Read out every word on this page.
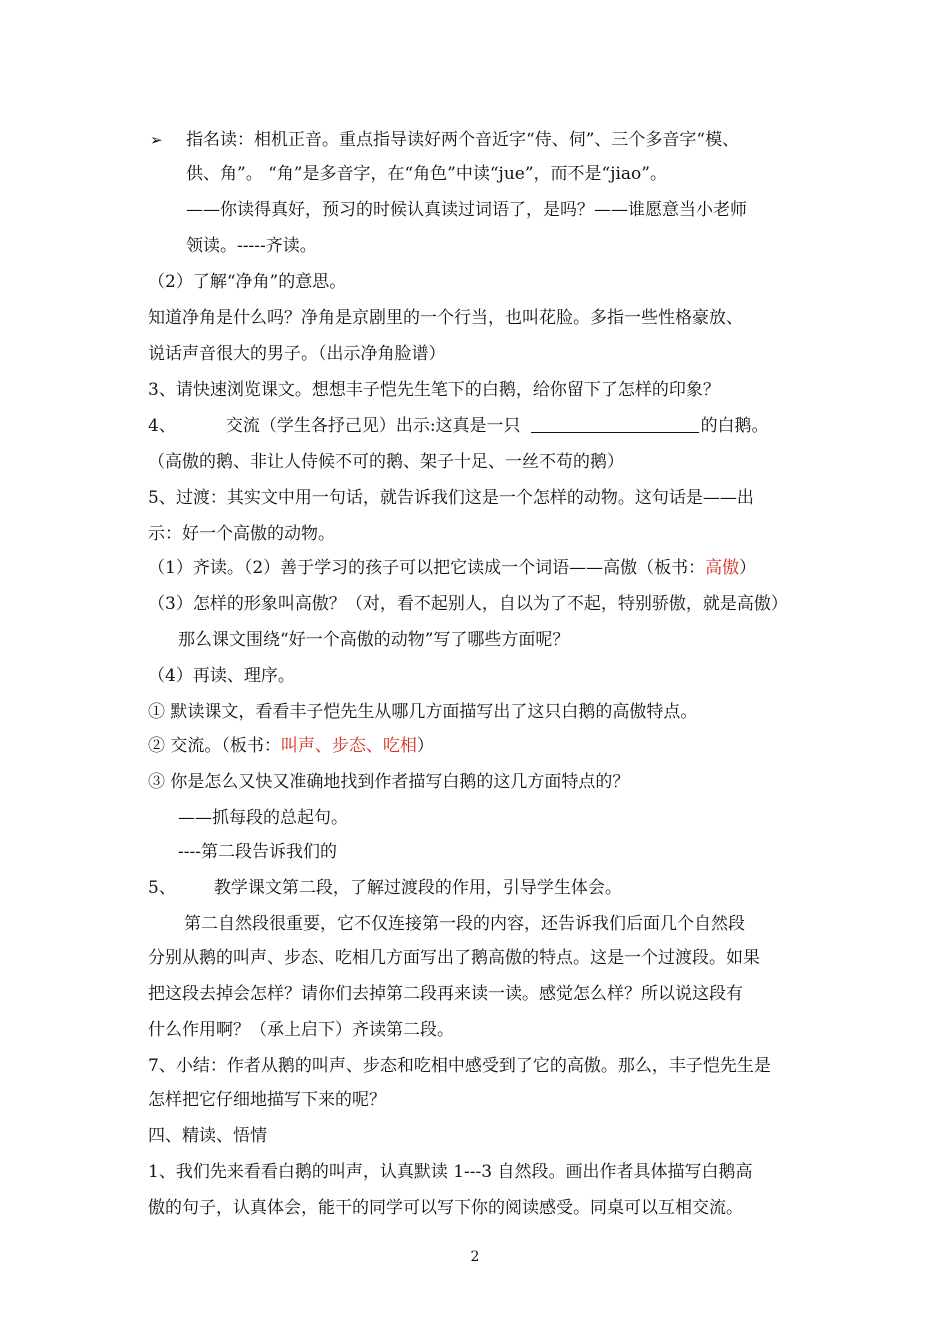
➢ 指名读：相机正音。重点指导读好两个音近字“侍、伺”、三个多音字“模、
供、角”。 “角”是多音字，在“角色”中读“jue”，而不是“jiao”。
——你读得真好，预习的时候认真读过词语了，是吗？——谁愿意当小老师
领读。-----齐读。
（2）了解“净角”的意思。
知道净角是什么吗？净角是京剧里的一个行当，也叫花脸。多指一些性格豪放、
说话声音很大的男子。（出示净角脸谱）
3、请快速浏览课文。想想丰子恺先生笔下的白鹅，给你留下了怎样的印象？
4、	交流（学生各抒己见）出示:这真是一只	的白鹅。
（高傲的鹅、非让人侍候不可的鹅、架子十足、一丝不苟的鹅）
5、过渡：其实文中用一句话，就告诉我们这是一个怎样的动物。这句话是——出
示：好一个高傲的动物。
（1）齐读。（2）善于学习的孩子可以把它读成一个词语——高傲（板书：高傲）
（3）怎样的形象叫高傲？（对，看不起别人，自以为了不起，特别骄傲，就是高傲）
那么课文围绕“好一个高傲的动物”写了哪些方面呢？
（4）再读、理序。
① 默读课文，看看丰子恺先生从哪几方面描写出了这只白鹅的高傲特点。
② 交流。（板书：叫声、步态、吃相）
③ 你是怎么又快又准确地找到作者描写白鹅的这几方面特点的？
——抓每段的总起句。
----第二段告诉我们的
5、 教学课文第二段，了解过渡段的作用，引导学生体会。
第二自然段很重要，它不仅连接第一段的内容，还告诉我们后面几个自然段
分别从鹅的叫声、步态、吃相几方面写出了鹅高傲的特点。这是一个过渡段。如果
把这段去掉会怎样？请你们去掉第二段再来读一读。感觉怎么样？所以说这段有
什么作用啊？（承上启下）齐读第二段。
7、小结：作者从鹅的叫声、步态和吃相中感受到了它的高傲。那么，丰子恺先生是
怎样把它仔细地描写下来的呢？
四、精读、悟情
1、我们先来看看白鹅的叫声，认真默读 1---3 自然段。画出作者具体描写白鹅高
傲的句子，认真体会，能干的同学可以写下你的阅读感受。同桌可以互相交流。
2
